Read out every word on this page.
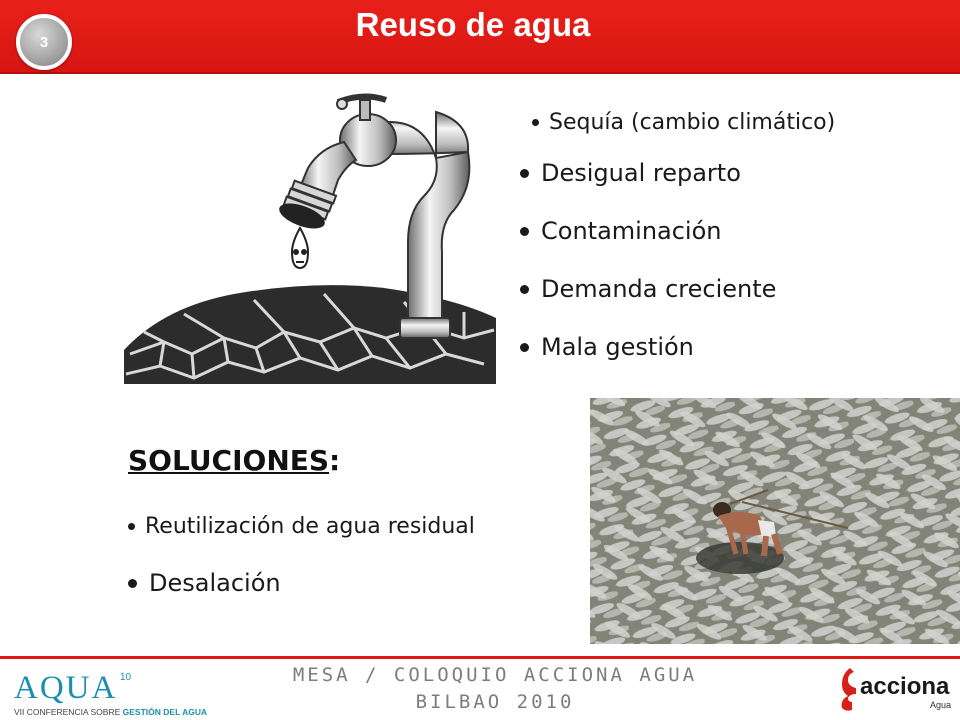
3	Reuso de agua
Sequía (cambio climático)
Desigual reparto
Contaminación
Demanda creciente
Mala gestión
SOLUCIONES:
Reutilización de agua residual
Desalación
AQUA 10
VII CONFERENCIA SOBRE GESTIÓN DEL AGUA
MESA / COLOQUIO ACCIONA AGUA
BILBAO 2010
acciona
Agua
